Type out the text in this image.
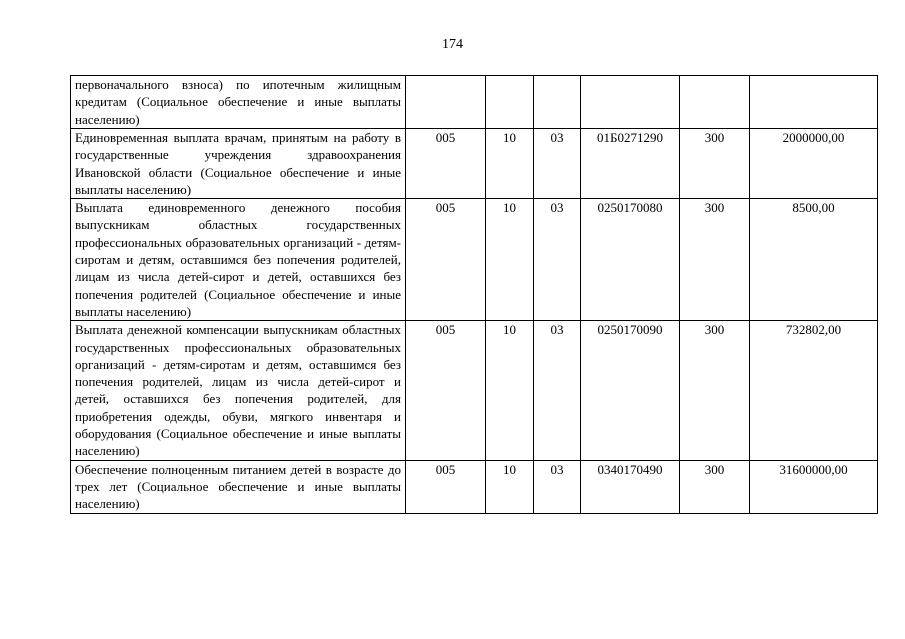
174
первоначального взноса) по ипотечным жилищным кредитам (Социальное обеспечение и иные выплаты населению)						
Единовременная выплата врачам, принятым на работу в государственные учреждения здравоохранения Ивановской области (Социальное обеспечение и иные выплаты населению)	005	10	03	01Б0271290	300	2000000,00
Выплата единовременного денежного пособия выпускникам областных государственных профессиональных образовательных организаций - детям-сиротам и детям, оставшимся без попечения родителей, лицам из числа детей-сирот и детей, оставшихся без попечения родителей (Социальное обеспечение и иные выплаты населению)	005	10	03	0250170080	300	8500,00
Выплата денежной компенсации выпускникам областных государственных профессиональных образовательных организаций - детям-сиротам и детям, оставшимся без попечения родителей, лицам из числа детей-сирот и детей, оставшихся без попечения родителей, для приобретения одежды, обуви, мягкого инвентаря и оборудования (Социальное обеспечение и иные выплаты населению)	005	10	03	0250170090	300	732802,00
Обеспечение полноценным питанием детей в возрасте до трех лет (Социальное обеспечение и иные выплаты населению)	005	10	03	0340170490	300	31600000,00
